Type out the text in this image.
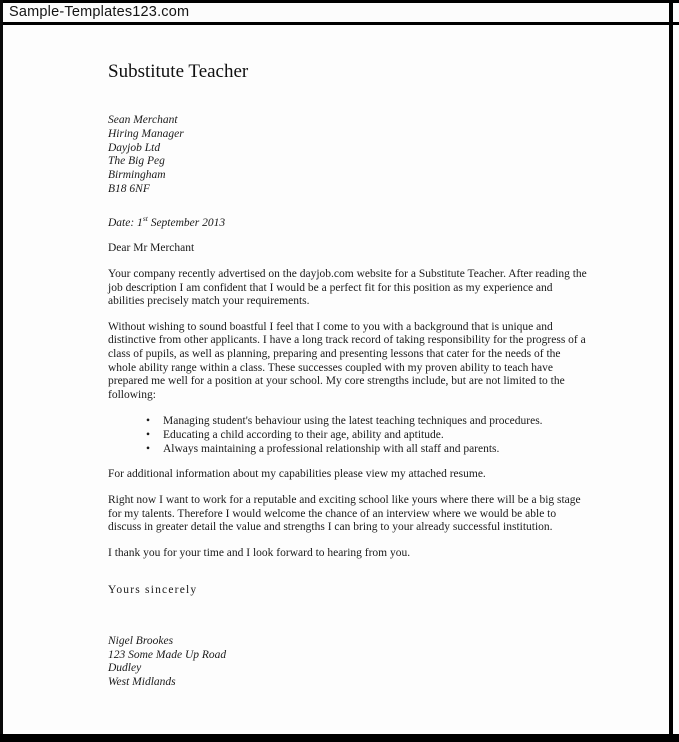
Sample-Templates123.com
Substitute Teacher
Sean Merchant
Hiring Manager
Dayjob Ltd
The Big Peg
Birmingham
B18 6NF
Date: 1st September 2013
Dear Mr Merchant
Your company recently advertised on the dayjob.com website for a Substitute Teacher. After reading the job description I am confident that I would be a perfect fit for this position as my experience and abilities precisely match your requirements.
Without wishing to sound boastful I feel that I come to you with a background that is unique and distinctive from other applicants. I have a long track record of taking responsibility for the progress of a class of pupils, as well as planning, preparing and presenting lessons that cater for the needs of the whole ability range within a class. These successes coupled with my proven ability to teach have prepared me well for a position at your school. My core strengths include, but are not limited to the following:
• Managing student's behaviour using the latest teaching techniques and procedures.
• Educating a child according to their age, ability and aptitude.
• Always maintaining a professional relationship with all staff and parents.
For additional information about my capabilities please view my attached resume.
Right now I want to work for a reputable and exciting school like yours where there will be a big stage for my talents. Therefore I would welcome the chance of an interview where we would be able to discuss in greater detail the value and strengths I can bring to your already successful institution.
I thank you for your time and I look forward to hearing from you.
Yours sincerely
Nigel Brookes
123 Some Made Up Road
Dudley
West Midlands
